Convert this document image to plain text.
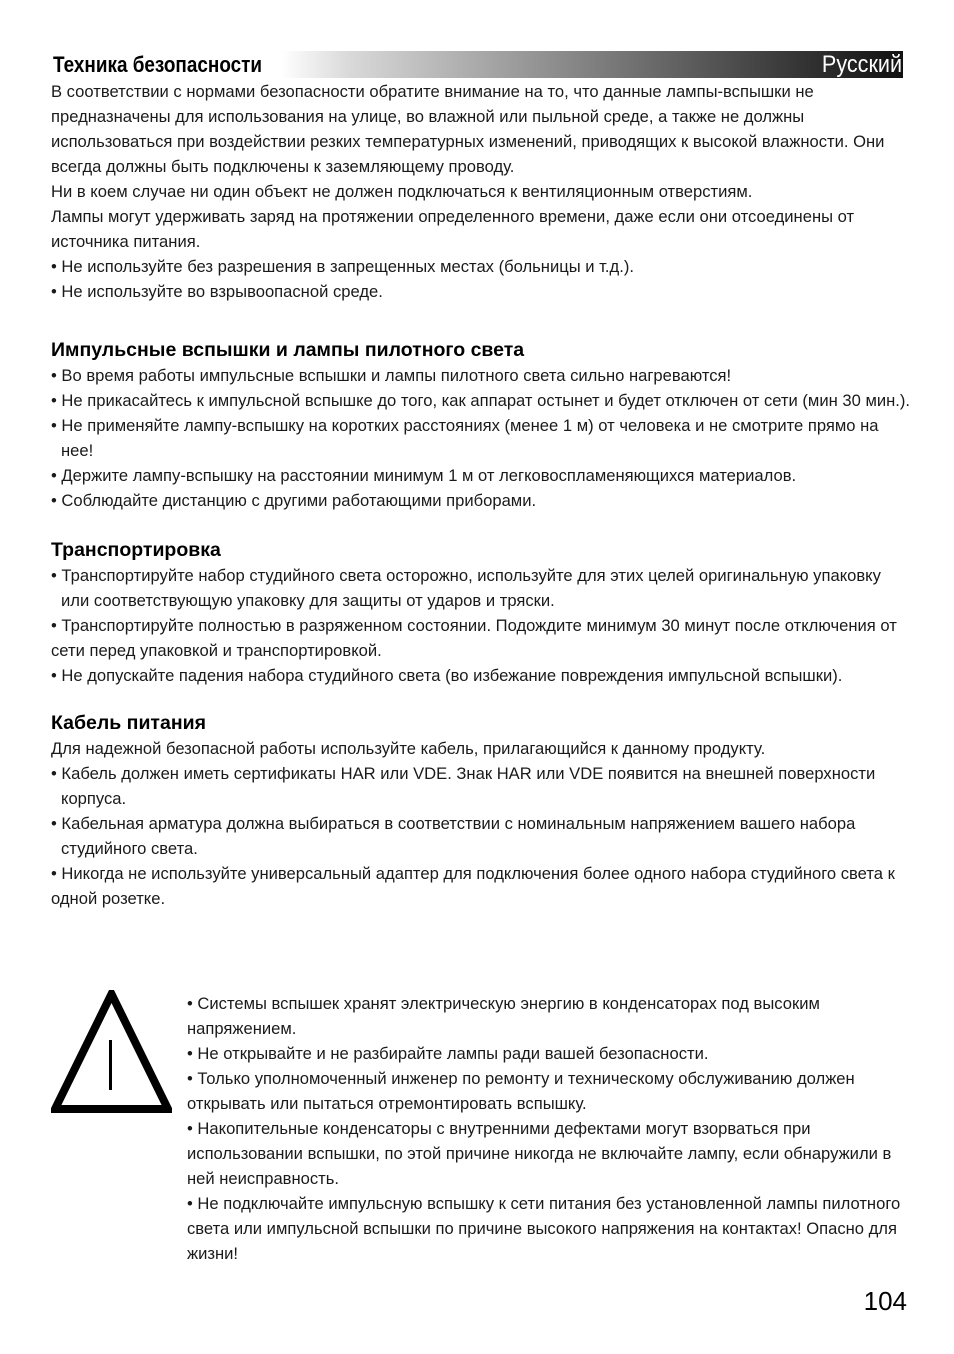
Техника безопасности	Русский

В соответствии с нормами безопасности обратите внимание на то, что данные лампы-вспышки не предназначены для использования на улице, во влажной или пыльной среде, а также не должны использоваться при воздействии резких температурных изменений, приводящих к высокой влажности. Они всегда должны быть подключены к заземляющему проводу.

Ни в коем случае ни один объект не должен подключаться к вентиляционным отверстиям.

Лампы могут удерживать заряд на протяжении определенного времени, даже если они отсоединены от источника питания.

• Не используйте без разрешения в запрещенных местах (больницы и т.д.).

• Не используйте во взрывоопасной среде.

Импульсные вспышки и лампы пилотного света

• Во время работы импульсные вспышки и лампы пилотного света сильно нагреваются!

• Не прикасайтесь к импульсной вспышке до того, как аппарат остынет и будет отключен от сети (мин 30 мин.).

• Не применяйте лампу-вспышку на коротких расстояниях (менее 1 м) от человека и не смотрите прямо на нее!

• Держите лампу-вспышку на расстоянии минимум 1 м от легковоспламеняющихся материалов.

• Соблюдайте дистанцию с другими работающими приборами.

Транспортировка

• Транспортируйте набор студийного света осторожно, используйте для этих целей оригинальную упаковку или соответствующую упаковку для защиты от ударов и тряски.

• Транспортируйте полностью в разряженном состоянии. Подождите минимум 30 минут после отключения от сети перед упаковкой и транспортировкой.

• Не допускайте падения набора студийного света (во избежание повреждения импульсной вспышки).

Кабель питания

Для надежной безопасной работы используйте кабель, прилагающийся к данному продукту.

• Кабель должен иметь сертификаты HAR или VDE. Знак HAR или VDE появится на внешней поверхности корпуса.

• Кабельная арматура должна выбираться в соответствии с номинальным напряжением вашего набора студийного света.

• Никогда не используйте универсальный адаптер для подключения более одного набора студийного света к одной розетке.

• Системы вспышек хранят электрическую энергию в конденсаторах под высоким напряжением.

• Не открывайте и не разбирайте лампы ради вашей безопасности.

• Только уполномоченный инженер по ремонту и техническому обслуживанию должен открывать или пытаться отремонтировать вспышку.

• Накопительные конденсаторы с внутренними дефектами могут взорваться при использовании вспышки, по этой причине никогда не включайте лампу, если обнаружили в ней неисправность.

• Не подключайте импульсную вспышку к сети питания без установленной лампы пилотного света или импульсной вспышки по причине высокого напряжения на контактах! Опасно для жизни!

104
